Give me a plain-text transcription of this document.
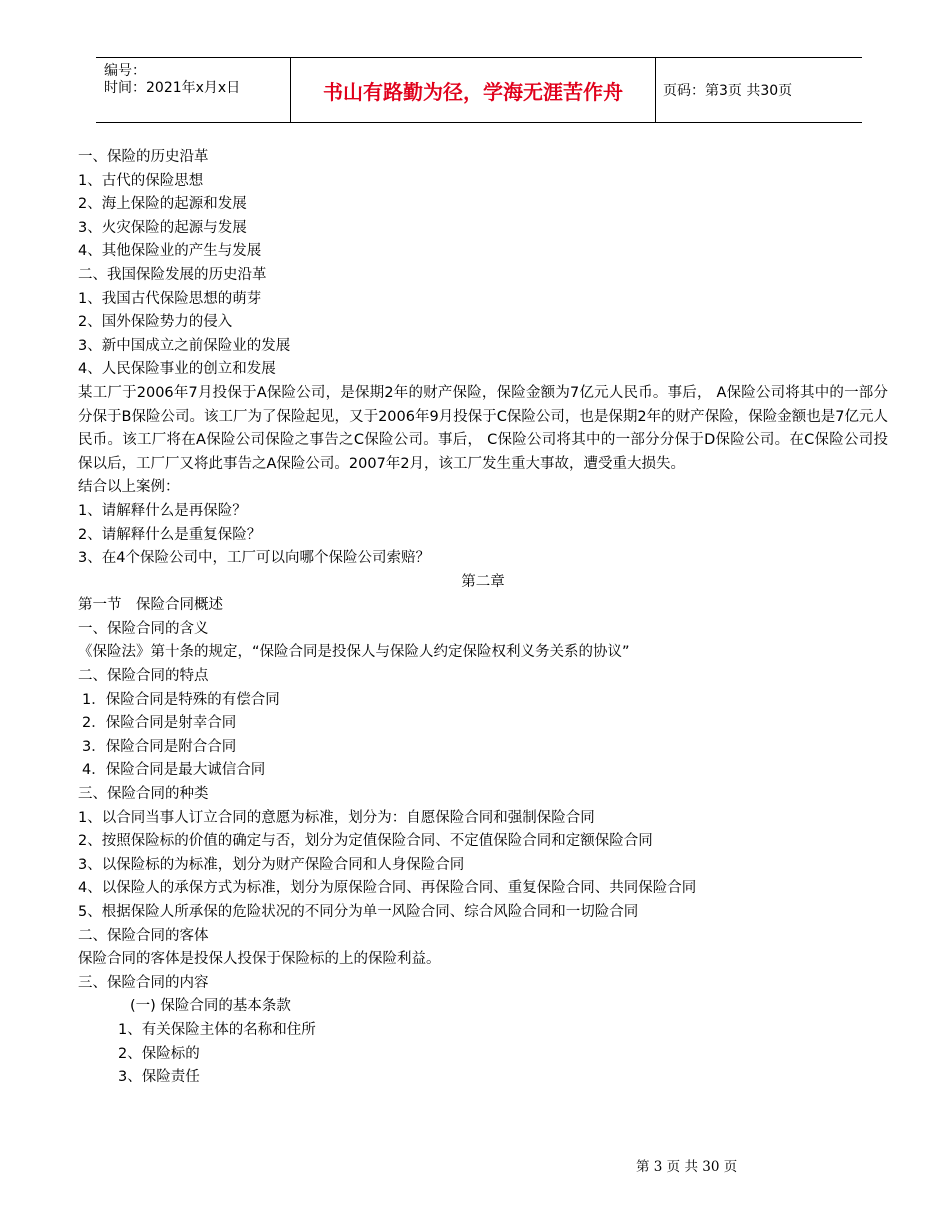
编号：
时间：2021年x月x日	书山有路勤为径，学海无涯苦作舟	页码：第3页 共30页
一、保险的历史沿革
1、古代的保险思想
2、海上保险的起源和发展
3、火灾保险的起源与发展
4、其他保险业的产生与发展
二、我国保险发展的历史沿革
1、我国古代保险思想的萌芽
2、国外保险势力的侵入
3、新中国成立之前保险业的发展
4、人民保险事业的创立和发展
某工厂于2006年7月投保于A保险公司，是保期2年的财产保险，保险金额为7亿元人民币。事后， A保险公司将其中的一部分分保于B保险公司。该工厂为了保险起见，又于2006年9月投保于C保险公司，也是保期2年的财产保险，保险金额也是7亿元人民币。该工厂将在A保险公司保险之事告之C保险公司。事后， C保险公司将其中的一部分分保于D保险公司。在C保险公司投保以后，工厂厂又将此事告之A保险公司。2007年2月，该工厂发生重大事故，遭受重大损失。
结合以上案例：
1、请解释什么是再保险？
2、请解释什么是重复保险？
3、在4个保险公司中，工厂可以向哪个保险公司索赔？
第二章
第一节　保险合同概述
一、保险合同的含义
《保险法》第十条的规定，“保险合同是投保人与保险人约定保险权利义务关系的协议”
二、保险合同的特点
1．保险合同是特殊的有偿合同
2．保险合同是射幸合同
3．保险合同是附合合同
4．保险合同是最大诚信合同
三、保险合同的种类
1、以合同当事人订立合同的意愿为标准，划分为：自愿保险合同和强制保险合同
2、按照保险标的价值的确定与否，划分为定值保险合同、不定值保险合同和定额保险合同
3、以保险标的为标准，划分为财产保险合同和人身保险合同
4、以保险人的承保方式为标准，划分为原保险合同、再保险合同、重复保险合同、共同保险合同
5、根据保险人所承保的危险状况的不同分为单一风险合同、综合风险合同和一切险合同
二、保险合同的客体
保险合同的客体是投保人投保于保险标的上的保险利益。
三、保险合同的内容
(一) 保险合同的基本条款
1、有关保险主体的名称和住所
2、保险标的
3、保险责任
第 3 页 共 30 页
